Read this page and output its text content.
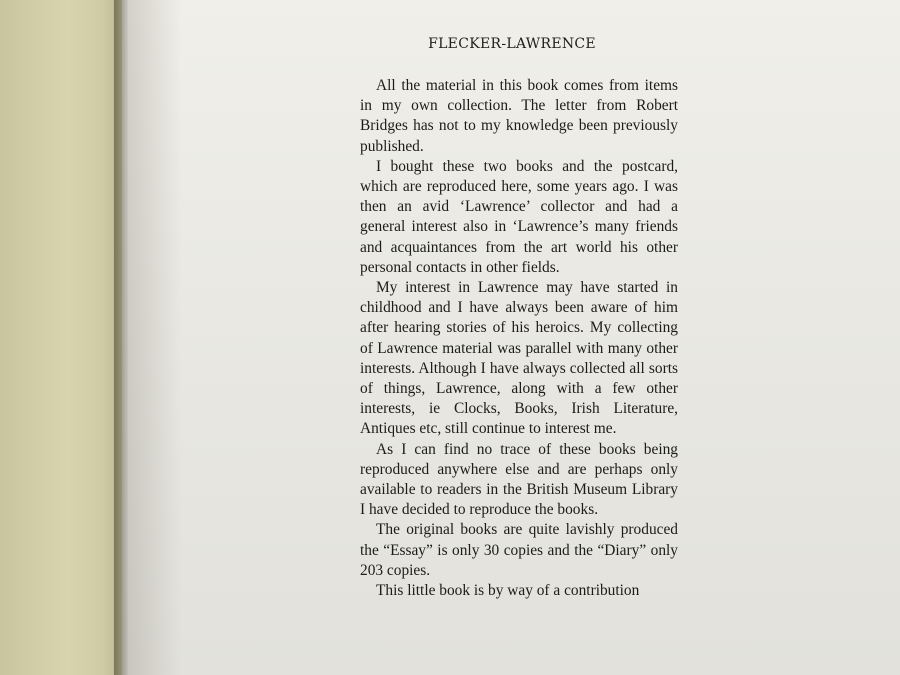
FLECKER-LAWRENCE

All the material in this book comes from items in my own collection. The letter from Robert Bridges has not to my knowledge been previously published.

I bought these two books and the postcard, which are reproduced here, some years ago. I was then an avid ‘Lawrence’ collector and had a general interest also in ‘Lawrence’s many friends and acquaintances from the art world his other personal contacts in other fields.

My interest in Lawrence may have started in childhood and I have always been aware of him after hearing stories of his heroics. My collecting of Lawrence material was parallel with many other interests. Although I have always collected all sorts of things, Lawrence, along with a few other interests, ie Clocks, Books, Irish Literature, Antiques etc, still continue to interest me.

As I can find no trace of these books being reproduced anywhere else and are perhaps only available to readers in the British Museum Library I have decided to reproduce the books.

The original books are quite lavishly produced the “Essay” is only 30 copies and the “Diary” only 203 copies.

This little book is by way of a contribution
